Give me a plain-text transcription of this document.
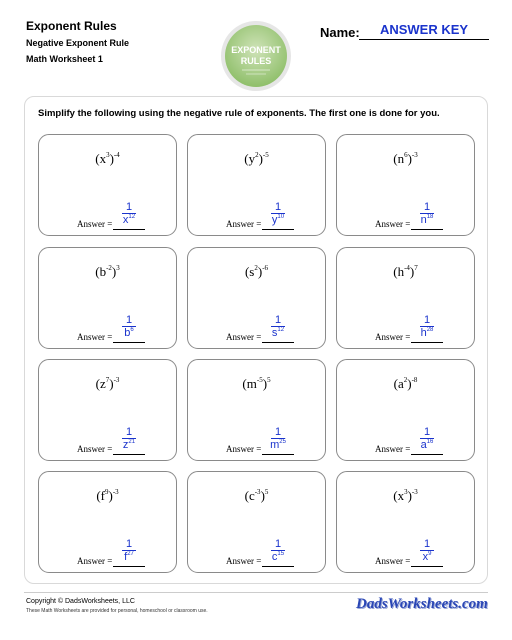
Exponent Rules
Negative Exponent Rule
Math Worksheet 1
EXPONENT
RULES
Name:	ANSWER KEY
Simplify the following using the negative rule of exponents. The first one is done for you.
$(x^3)^{-4}$
Answer =
1
$x^{12}$
$(y^2)^{-5}$
Answer =
1
$y^{10}$
$(n^6)^{-3}$
Answer =
1
$n^{18}$
$(b^{-2})^3$
Answer =
1
$b^6$
$(s^2)^{-6}$
Answer =
1
$s^{12}$
$(h^{-4})^7$
Answer =
1
$h^{28}$
$(z^7)^{-3}$
Answer =
1
$z^{21}$
$(m^{-5})^5$
Answer =
1
$m^{25}$
$(a^2)^{-8}$
Answer =
1
$a^{16}$
$(f^9)^{-3}$
Answer =
1
$f^{27}$
$(c^{-3})^5$
Answer =
1
$c^{15}$
$(x^3)^{-3}$
Answer =
1
$x^9$
Copyright © DadsWorksheets, LLC
These Math Worksheets are provided for personal, homeschool or classroom use.	DadsWorksheets.com
